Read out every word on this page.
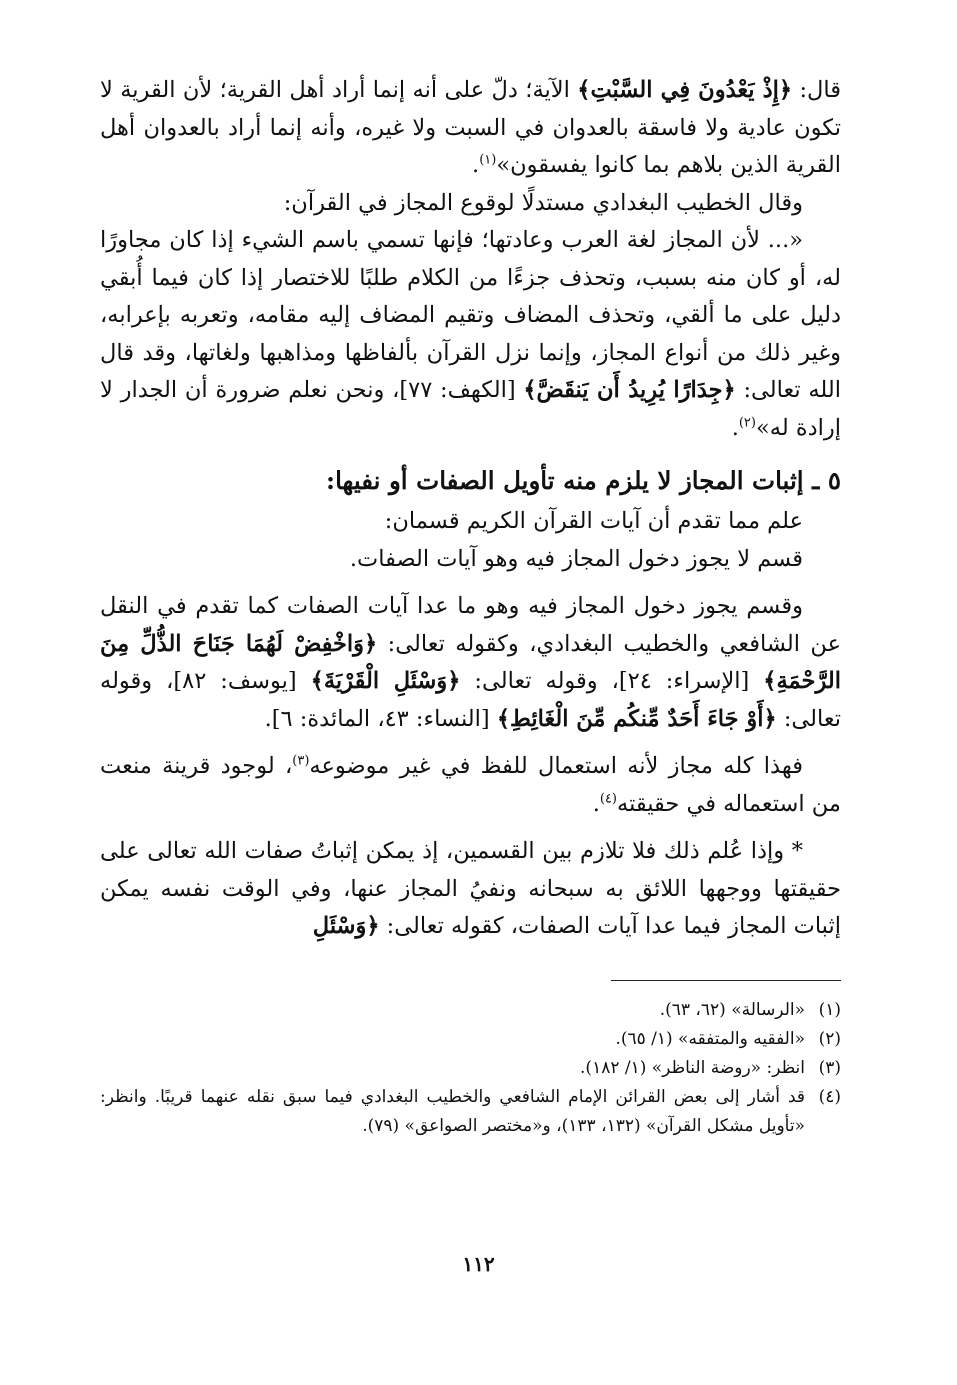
قال: ﴿إِذْ يَعْدُونَ فِي السَّبْتِ﴾ الآية؛ دلّ على أنه إنما أراد أهل القرية؛ لأن القرية لا تكون عادية ولا فاسقة بالعدوان في السبت ولا غيره، وأنه إنما أراد بالعدوان أهل القرية الذين بلاهم بما كانوا يفسقون»$^{(١)}$.

وقال الخطيب البغدادي مستدلًا لوقوع المجاز في القرآن:

«... لأن المجاز لغة العرب وعادتها؛ فإنها تسمي باسم الشيء إذا كان مجاورًا له، أو كان منه بسبب، وتحذف جزءًا من الكلام طلبًا للاختصار إذا كان فيما أُبقي دليل على ما ألقي، وتحذف المضاف وتقيم المضاف إليه مقامه، وتعربه بإعرابه، وغير ذلك من أنواع المجاز، وإنما نزل القرآن بألفاظها ومذاهبها ولغاتها، وقد قال الله تعالى: ﴿جِدَارًا يُرِيدُ أَن يَنقَضَّ﴾ [الكهف: ٧٧]، ونحن نعلم ضرورة أن الجدار لا إرادة له»$^{(٢)}$.

٥ ـ إثبات المجاز لا يلزم منه تأويل الصفات أو نفيها:

علم مما تقدم أن آيات القرآن الكريم قسمان:

قسم لا يجوز دخول المجاز فيه وهو آيات الصفات.

وقسم يجوز دخول المجاز فيه وهو ما عدا آيات الصفات كما تقدم في النقل عن الشافعي والخطيب البغدادي، وكقوله تعالى: ﴿وَاخْفِضْ لَهُمَا جَنَاحَ الذُّلِّ مِنَ الرَّحْمَةِ﴾ [الإسراء: ٢٤]، وقوله تعالى: ﴿وَسْئَلِ الْقَرْيَةَ﴾ [يوسف: ٨٢]، وقوله تعالى: ﴿أَوْ جَاءَ أَحَدٌ مِّنكُم مِّنَ الْغَائِطِ﴾ [النساء: ٤٣، المائدة: ٦].

فهذا كله مجاز لأنه استعمال للفظ في غير موضوعه$^{(٣)}$، لوجود قرينة منعت من استعماله في حقيقته$^{(٤)}$.

* وإذا عُلم ذلك فلا تلازم بين القسمين، إذ يمكن إثباتُ صفات الله تعالى على حقيقتها ووجهها اللائق به سبحانه ونفيُ المجاز عنها، وفي الوقت نفسه يمكن إثبات المجاز فيما عدا آيات الصفات، كقوله تعالى: ﴿وَسْئَلِ

(١)
«الرسالة» (٦٢، ٦٣).
(٢)
«الفقيه والمتفقه» (١/ ٦٥).
(٣)
انظر: «روضة الناظر» (١/ ١٨٢).
(٤)
قد أشار إلى بعض القرائن الإمام الشافعي والخطيب البغدادي فيما سبق نقله عنهما قريبًا. وانظر: «تأويل مشكل القرآن» (١٣٢، ١٣٣)، و«مختصر الصواعق» (٧٩).
١١٢
